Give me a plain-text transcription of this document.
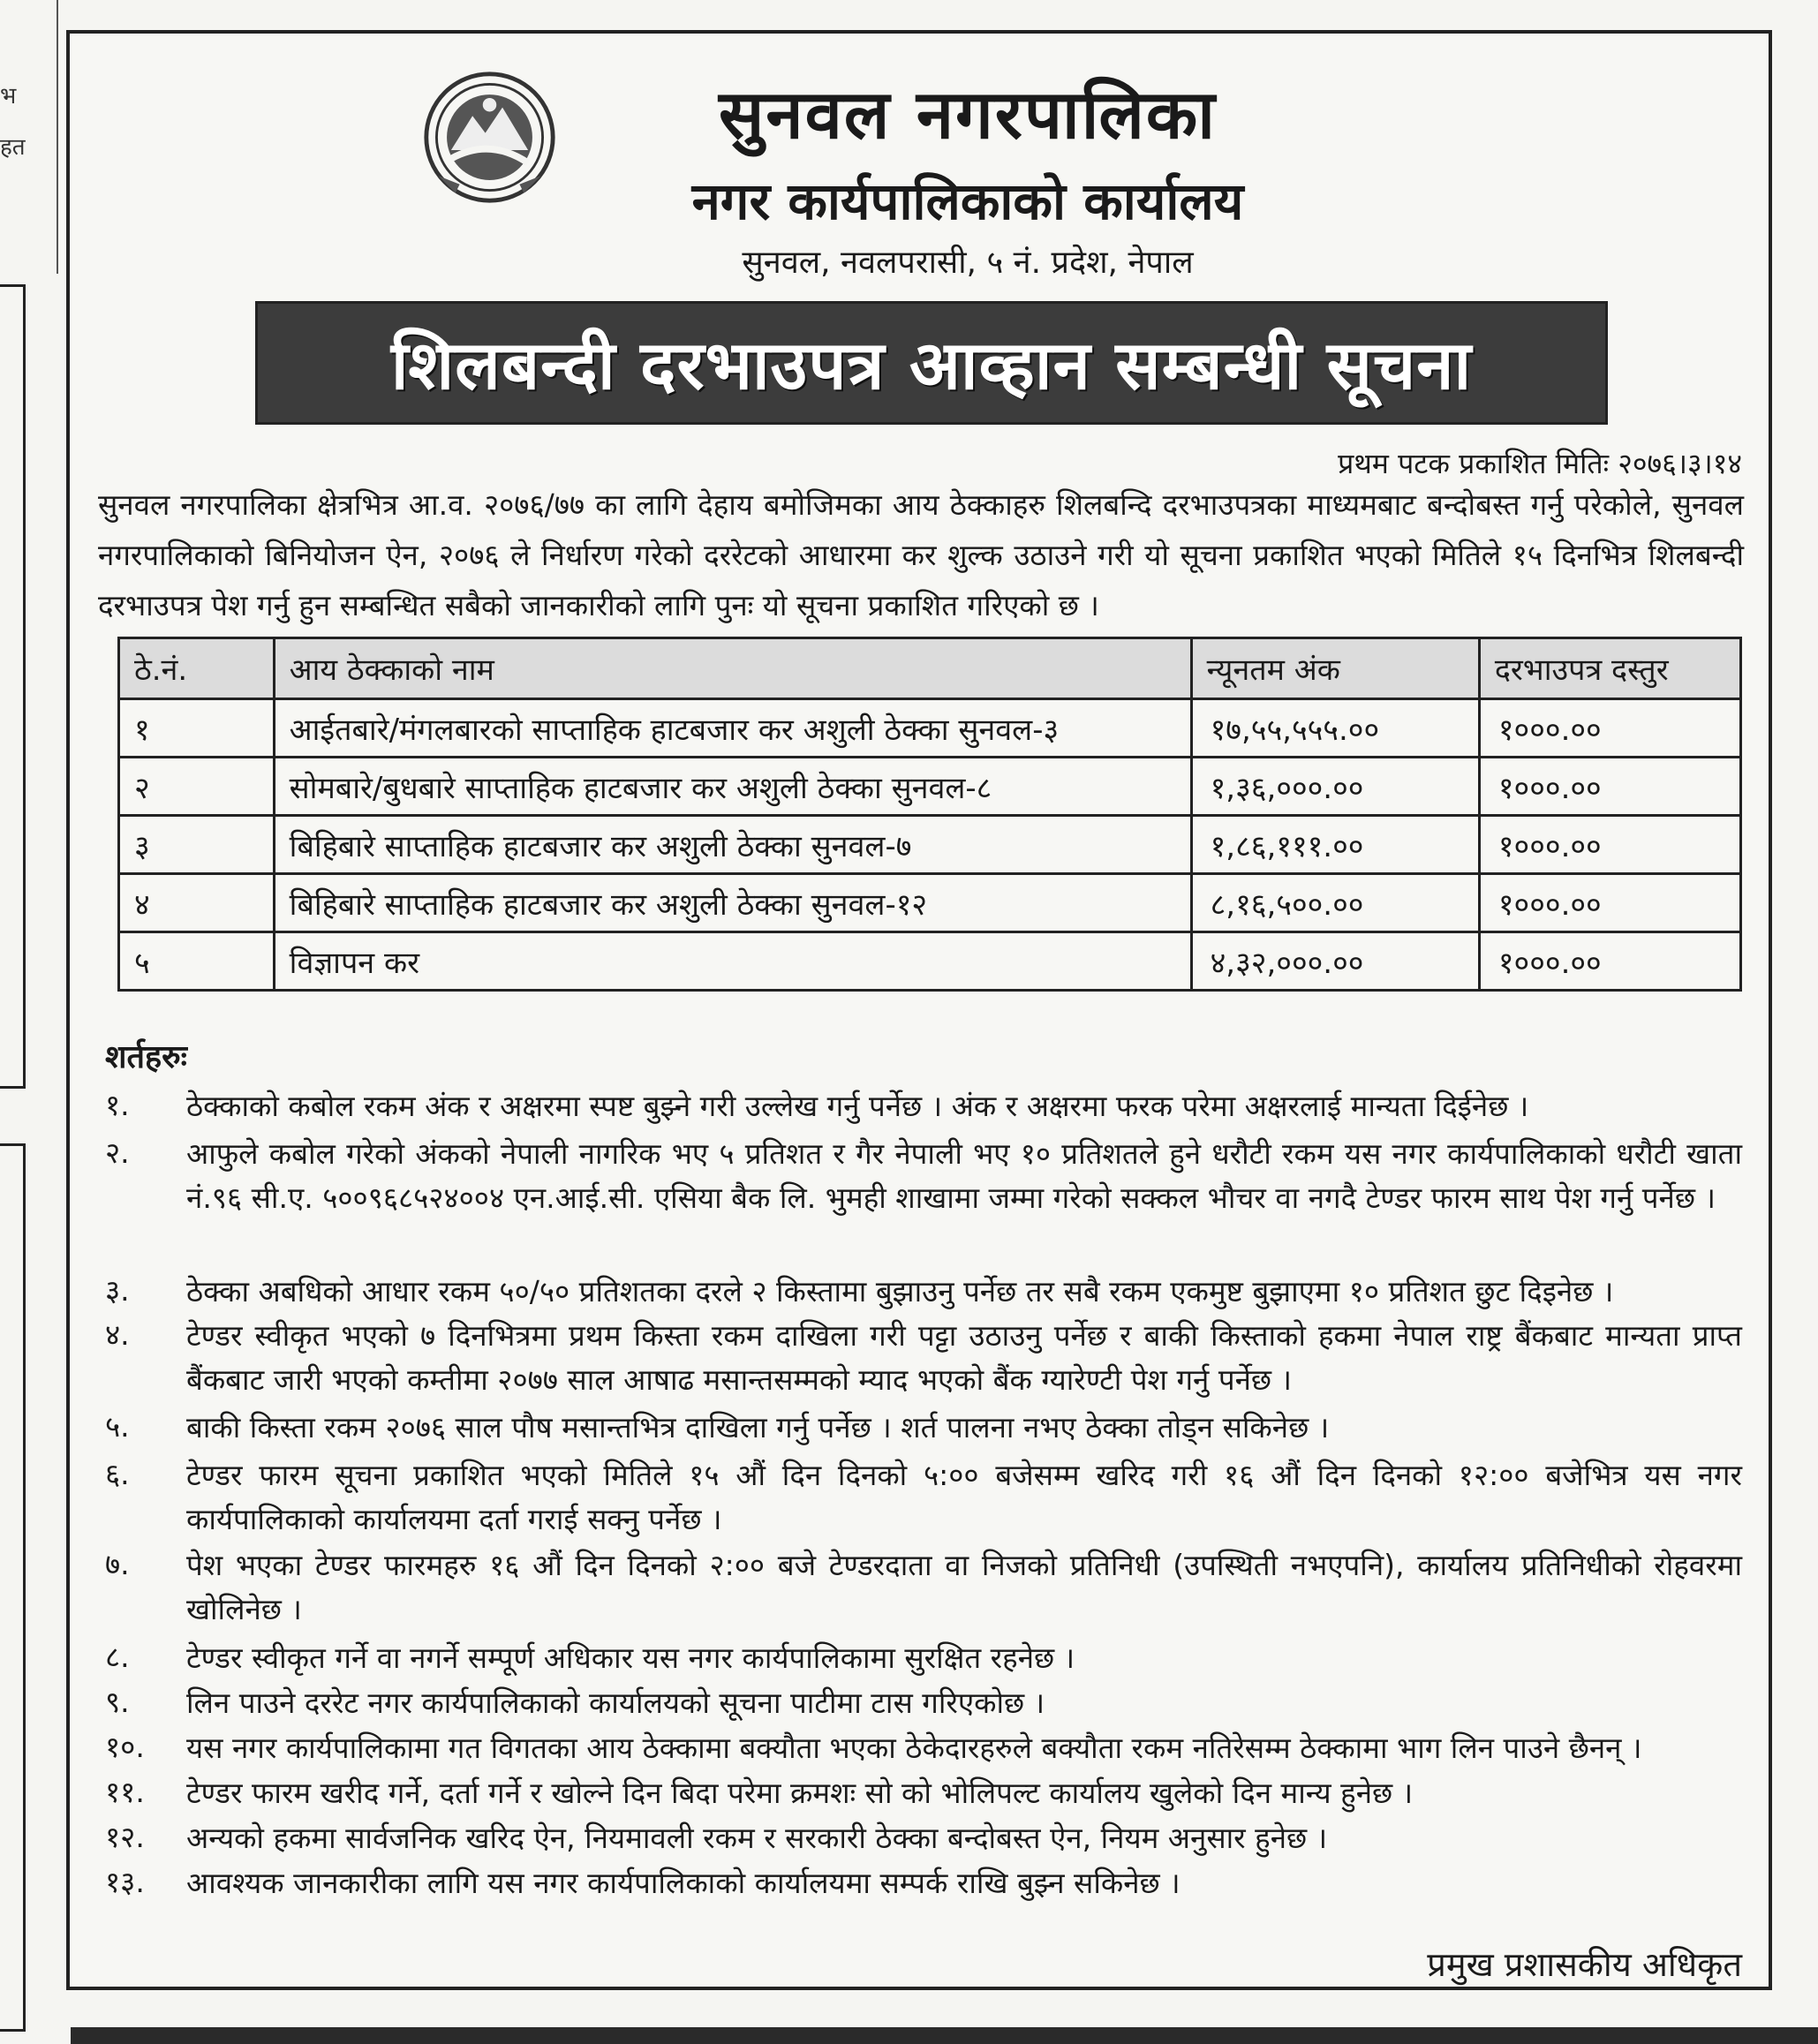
भ
हत	सुनवल नगरपालिका
नगर कार्यपालिकाको कार्यालय
सुनवल, नवलपरासी, ५ नं. प्रदेश, नेपाल
शिलबन्दी दरभाउपत्र आव्हान सम्बन्धी सूचना
प्रथम पटक प्रकाशित मितिः २०७६।३।१४
सुनवल नगरपालिका क्षेत्रभित्र आ.व. २०७६/७७ का लागि देहाय बमोजिमका आय ठेक्काहरु शिलबन्दि दरभाउपत्रका माध्यमबाट बन्दोबस्त गर्नु परेकोले, सुनवल नगरपालिकाको बिनियोजन ऐन, २०७६ ले निर्धारण गरेको दररेटको आधारमा कर शुल्क उठाउने गरी यो सूचना प्रकाशित भएको मितिले १५ दिनभित्र शिलबन्दी दरभाउपत्र पेश गर्नु हुन सम्बन्धित सबैको जानकारीको लागि पुनः यो सूचना प्रकाशित गरिएको छ ।
ठे.नं.	आय ठेक्काको नाम	न्यूनतम अंक	दरभाउपत्र दस्तुर
१	आईतबारे/मंगलबारको साप्ताहिक हाटबजार कर अशुली ठेक्का सुनवल-३	१७,५५,५५५.००	१०००.००
२	सोमबारे/बुधबारे साप्ताहिक हाटबजार कर अशुली ठेक्का सुनवल-८	१,३६,०००.००	१०००.००
३	बिहिबारे साप्ताहिक हाटबजार कर अशुली ठेक्का सुनवल-७	१,८६,१११.००	१०००.००
४	बिहिबारे साप्ताहिक हाटबजार कर अशुली ठेक्का सुनवल-१२	८,१६,५००.००	१०००.००
५	विज्ञापन कर	४,३२,०००.००	१०००.००
शर्तहरुः
१. ठेक्काको कबोल रकम अंक र अक्षरमा स्पष्ट बुझ्ने गरी उल्लेख गर्नु पर्नेछ । अंक र अक्षरमा फरक परेमा अक्षरलाई मान्यता दिईनेछ ।
२. आफुले कबोल गरेको अंकको नेपाली नागरिक भए ५ प्रतिशत र गैर नेपाली भए १० प्रतिशतले हुने धरौटी रकम यस नगर कार्यपालिकाको धरौटी खाता नं.९६ सी.ए. ५००९६८५२४००४ एन.आई.सी. एसिया बैक लि. भुमही शाखामा जम्मा गरेको सक्कल भौचर वा नगदै टेण्डर फारम साथ पेश गर्नु पर्नेछ ।
३. ठेक्का अबधिको आधार रकम ५०/५० प्रतिशतका दरले २ किस्तामा बुझाउनु पर्नेछ तर सबै रकम एकमुष्ट बुझाएमा १० प्रतिशत छुट दिइनेछ ।
४. टेण्डर स्वीकृत भएको ७ दिनभित्रमा प्रथम किस्ता रकम दाखिला गरी पट्टा उठाउनु पर्नेछ र बाकी किस्ताको हकमा नेपाल राष्ट्र बैंकबाट मान्यता प्राप्त बैंकबाट जारी भएको कम्तीमा २०७७ साल आषाढ मसान्तसम्मको म्याद भएको बैंक ग्यारेण्टी पेश गर्नु पर्नेछ ।
५. बाकी किस्ता रकम २०७६ साल पौष मसान्तभित्र दाखिला गर्नु पर्नेछ । शर्त पालना नभए ठेक्का तोड्न सकिनेछ ।
६. टेण्डर फारम सूचना प्रकाशित भएको मितिले १५ औं दिन दिनको ५:०० बजेसम्म खरिद गरी १६ औं दिन दिनको १२:०० बजेभित्र यस नगर कार्यपालिकाको कार्यालयमा दर्ता गराई सक्नु पर्नेछ ।
७. पेश भएका टेण्डर फारमहरु १६ औं दिन दिनको २:०० बजे टेण्डरदाता वा निजको प्रतिनिधी (उपस्थिती नभएपनि), कार्यालय प्रतिनिधीको रोहवरमा खोलिनेछ ।
८. टेण्डर स्वीकृत गर्ने वा नगर्ने सम्पूर्ण अधिकार यस नगर कार्यपालिकामा सुरक्षित रहनेछ ।
९. लिन पाउने दररेट नगर कार्यपालिकाको कार्यालयको सूचना पाटीमा टास गरिएकोछ ।
१०. यस नगर कार्यपालिकामा गत विगतका आय ठेक्कामा बक्यौता भएका ठेकेदारहरुले बक्यौता रकम नतिरेसम्म ठेक्कामा भाग लिन पाउने छैनन् ।
११. टेण्डर फारम खरीद गर्ने, दर्ता गर्ने र खोल्ने दिन बिदा परेमा क्रमशः सो को भोलिपल्ट कार्यालय खुलेको दिन मान्य हुनेछ ।
१२. अन्यको हकमा सार्वजनिक खरिद ऐन, नियमावली रकम र सरकारी ठेक्का बन्दोबस्त ऐन, नियम अनुसार हुनेछ ।
१३. आवश्यक जानकारीका लागि यस नगर कार्यपालिकाको कार्यालयमा सम्पर्क राखि बुझ्न सकिनेछ ।
प्रमुख प्रशासकीय अधिकृत
